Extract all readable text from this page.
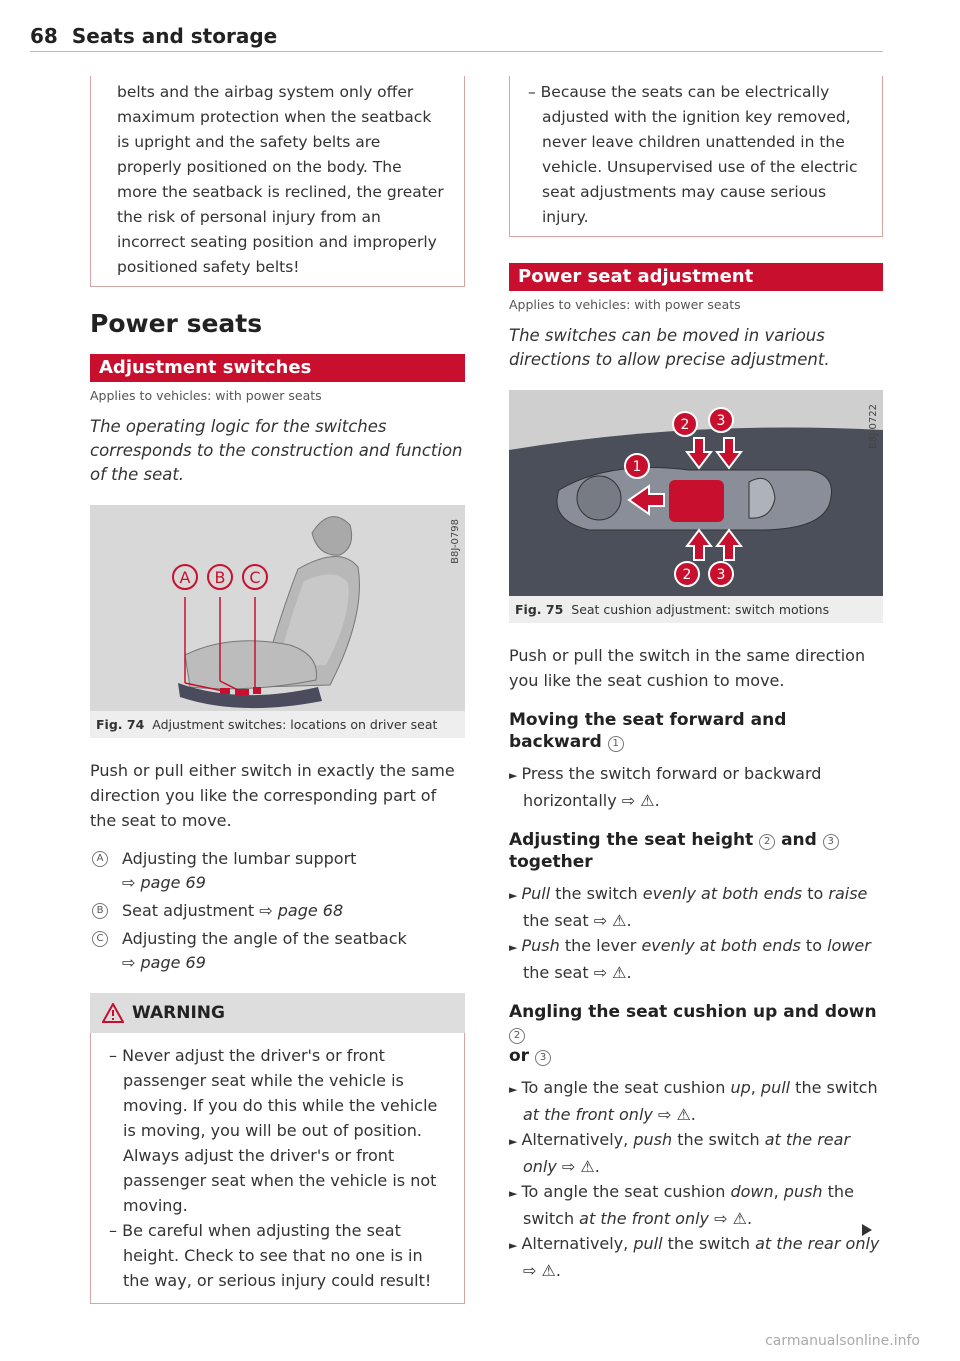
68 Seats and storage
belts and the airbag system only offer maximum protection when the seatback is upright and the safety belts are properly positioned on the body. The more the seatback is reclined, the greater the risk of personal injury from an incorrect seating position and improperly positioned safety belts!
Power seats
Adjustment switches
Applies to vehicles: with power seats
The operating logic for the switches corresponds to the construction and function of the seat.
A B C
B8J-0798
Fig. 74 Adjustment switches: locations on driver seat

Push or pull either switch in exactly the same direction you like the corresponding part of the seat to move.

A Adjusting the lumbar support
⇨ page 69
B Seat adjustment ⇨ page 68
C Adjusting the angle of the seatback
⇨ page 69
WARNING
– Never adjust the driver's or front passenger seat while the vehicle is moving. If you do this while the vehicle is moving, you will be out of position. Always adjust the driver's or front passenger seat when the vehicle is not moving.
– Be careful when adjusting the seat height. Check to see that no one is in the way, or serious injury could result!
– Because the seats can be electrically adjusted with the ignition key removed, never leave children unattended in the vehicle. Unsupervised use of the electric seat adjustments may cause serious injury.
Power seat adjustment
Applies to vehicles: with power seats
The switches can be moved in various directions to allow precise adjustment.
1
2 3
2 3
B8J-0722
Fig. 75 Seat cushion adjustment: switch motions

Push or pull the switch in the same direction you like the seat cushion to move.

Moving the seat forward and backward 1
► Press the switch forward or backward horizontally ⇨ ⚠.
Adjusting the seat height 2 and 3
together
► Pull the switch evenly at both ends to raise the seat ⇨ ⚠.
► Push the lever evenly at both ends to lower the seat ⇨ ⚠.
Angling the seat cushion up and down 2
or 3
► To angle the seat cushion up, pull the switch at the front only ⇨ ⚠.
► Alternatively, push the switch at the rear only ⇨ ⚠.
► To angle the seat cushion down, push the switch at the front only ⇨ ⚠.
► Alternatively, pull the switch at the rear only ⇨ ⚠.
carmanualsonline.info
